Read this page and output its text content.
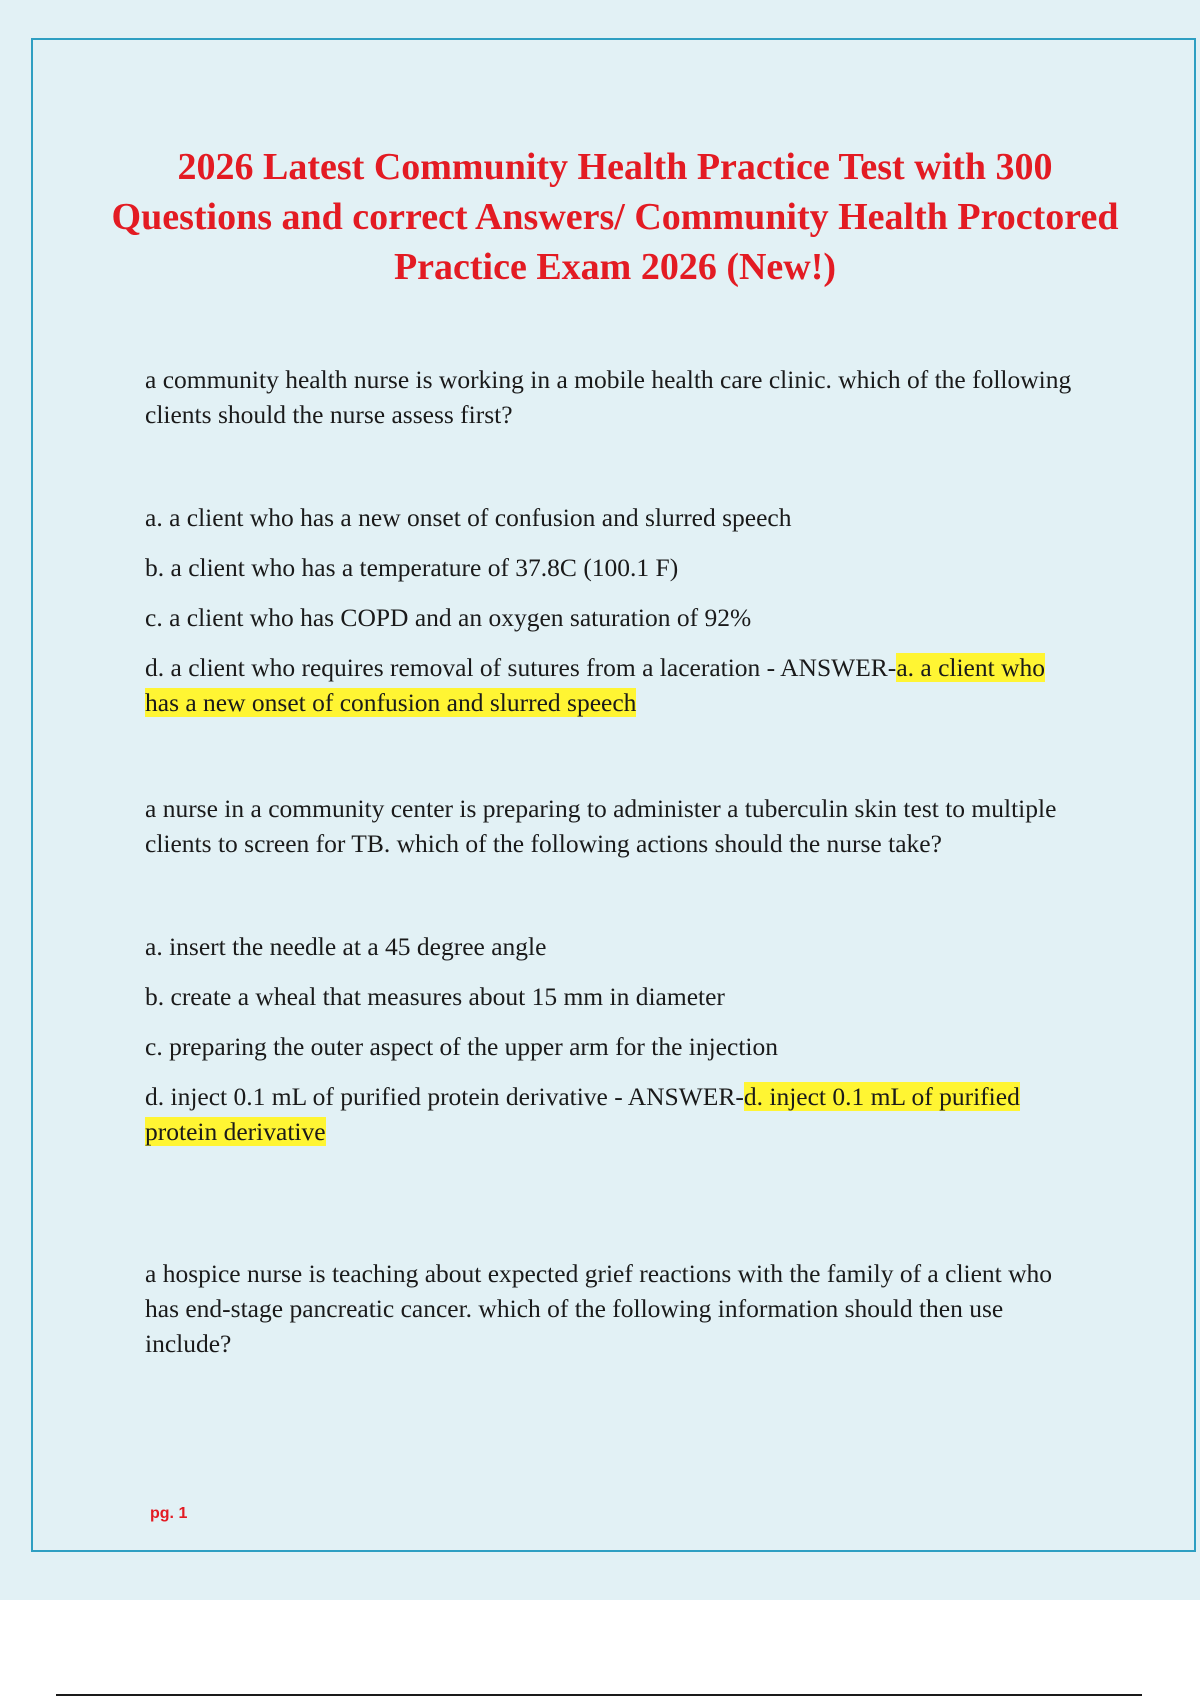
2026 Latest Community Health Practice Test with 300 Questions and correct Answers/ Community Health Proctored Practice Exam 2026 (New!)

a community health nurse is working in a mobile health care clinic. which of the following clients should the nurse assess first?

a. a client who has a new onset of confusion and slurred speech

b. a client who has a temperature of 37.8C (100.1 F)

c. a client who has COPD and an oxygen saturation of 92%

d. a client who requires removal of sutures from a laceration - ANSWER-a. a client who has a new onset of confusion and slurred speech

a nurse in a community center is preparing to administer a tuberculin skin test to multiple clients to screen for TB. which of the following actions should the nurse take?

a. insert the needle at a 45 degree angle

b. create a wheal that measures about 15 mm in diameter

c. preparing the outer aspect of the upper arm for the injection

d. inject 0.1 mL of purified protein derivative - ANSWER-d. inject 0.1 mL of purified protein derivative

a hospice nurse is teaching about expected grief reactions with the family of a client who has end-stage pancreatic cancer. which of the following information should then use include?

pg. 1
